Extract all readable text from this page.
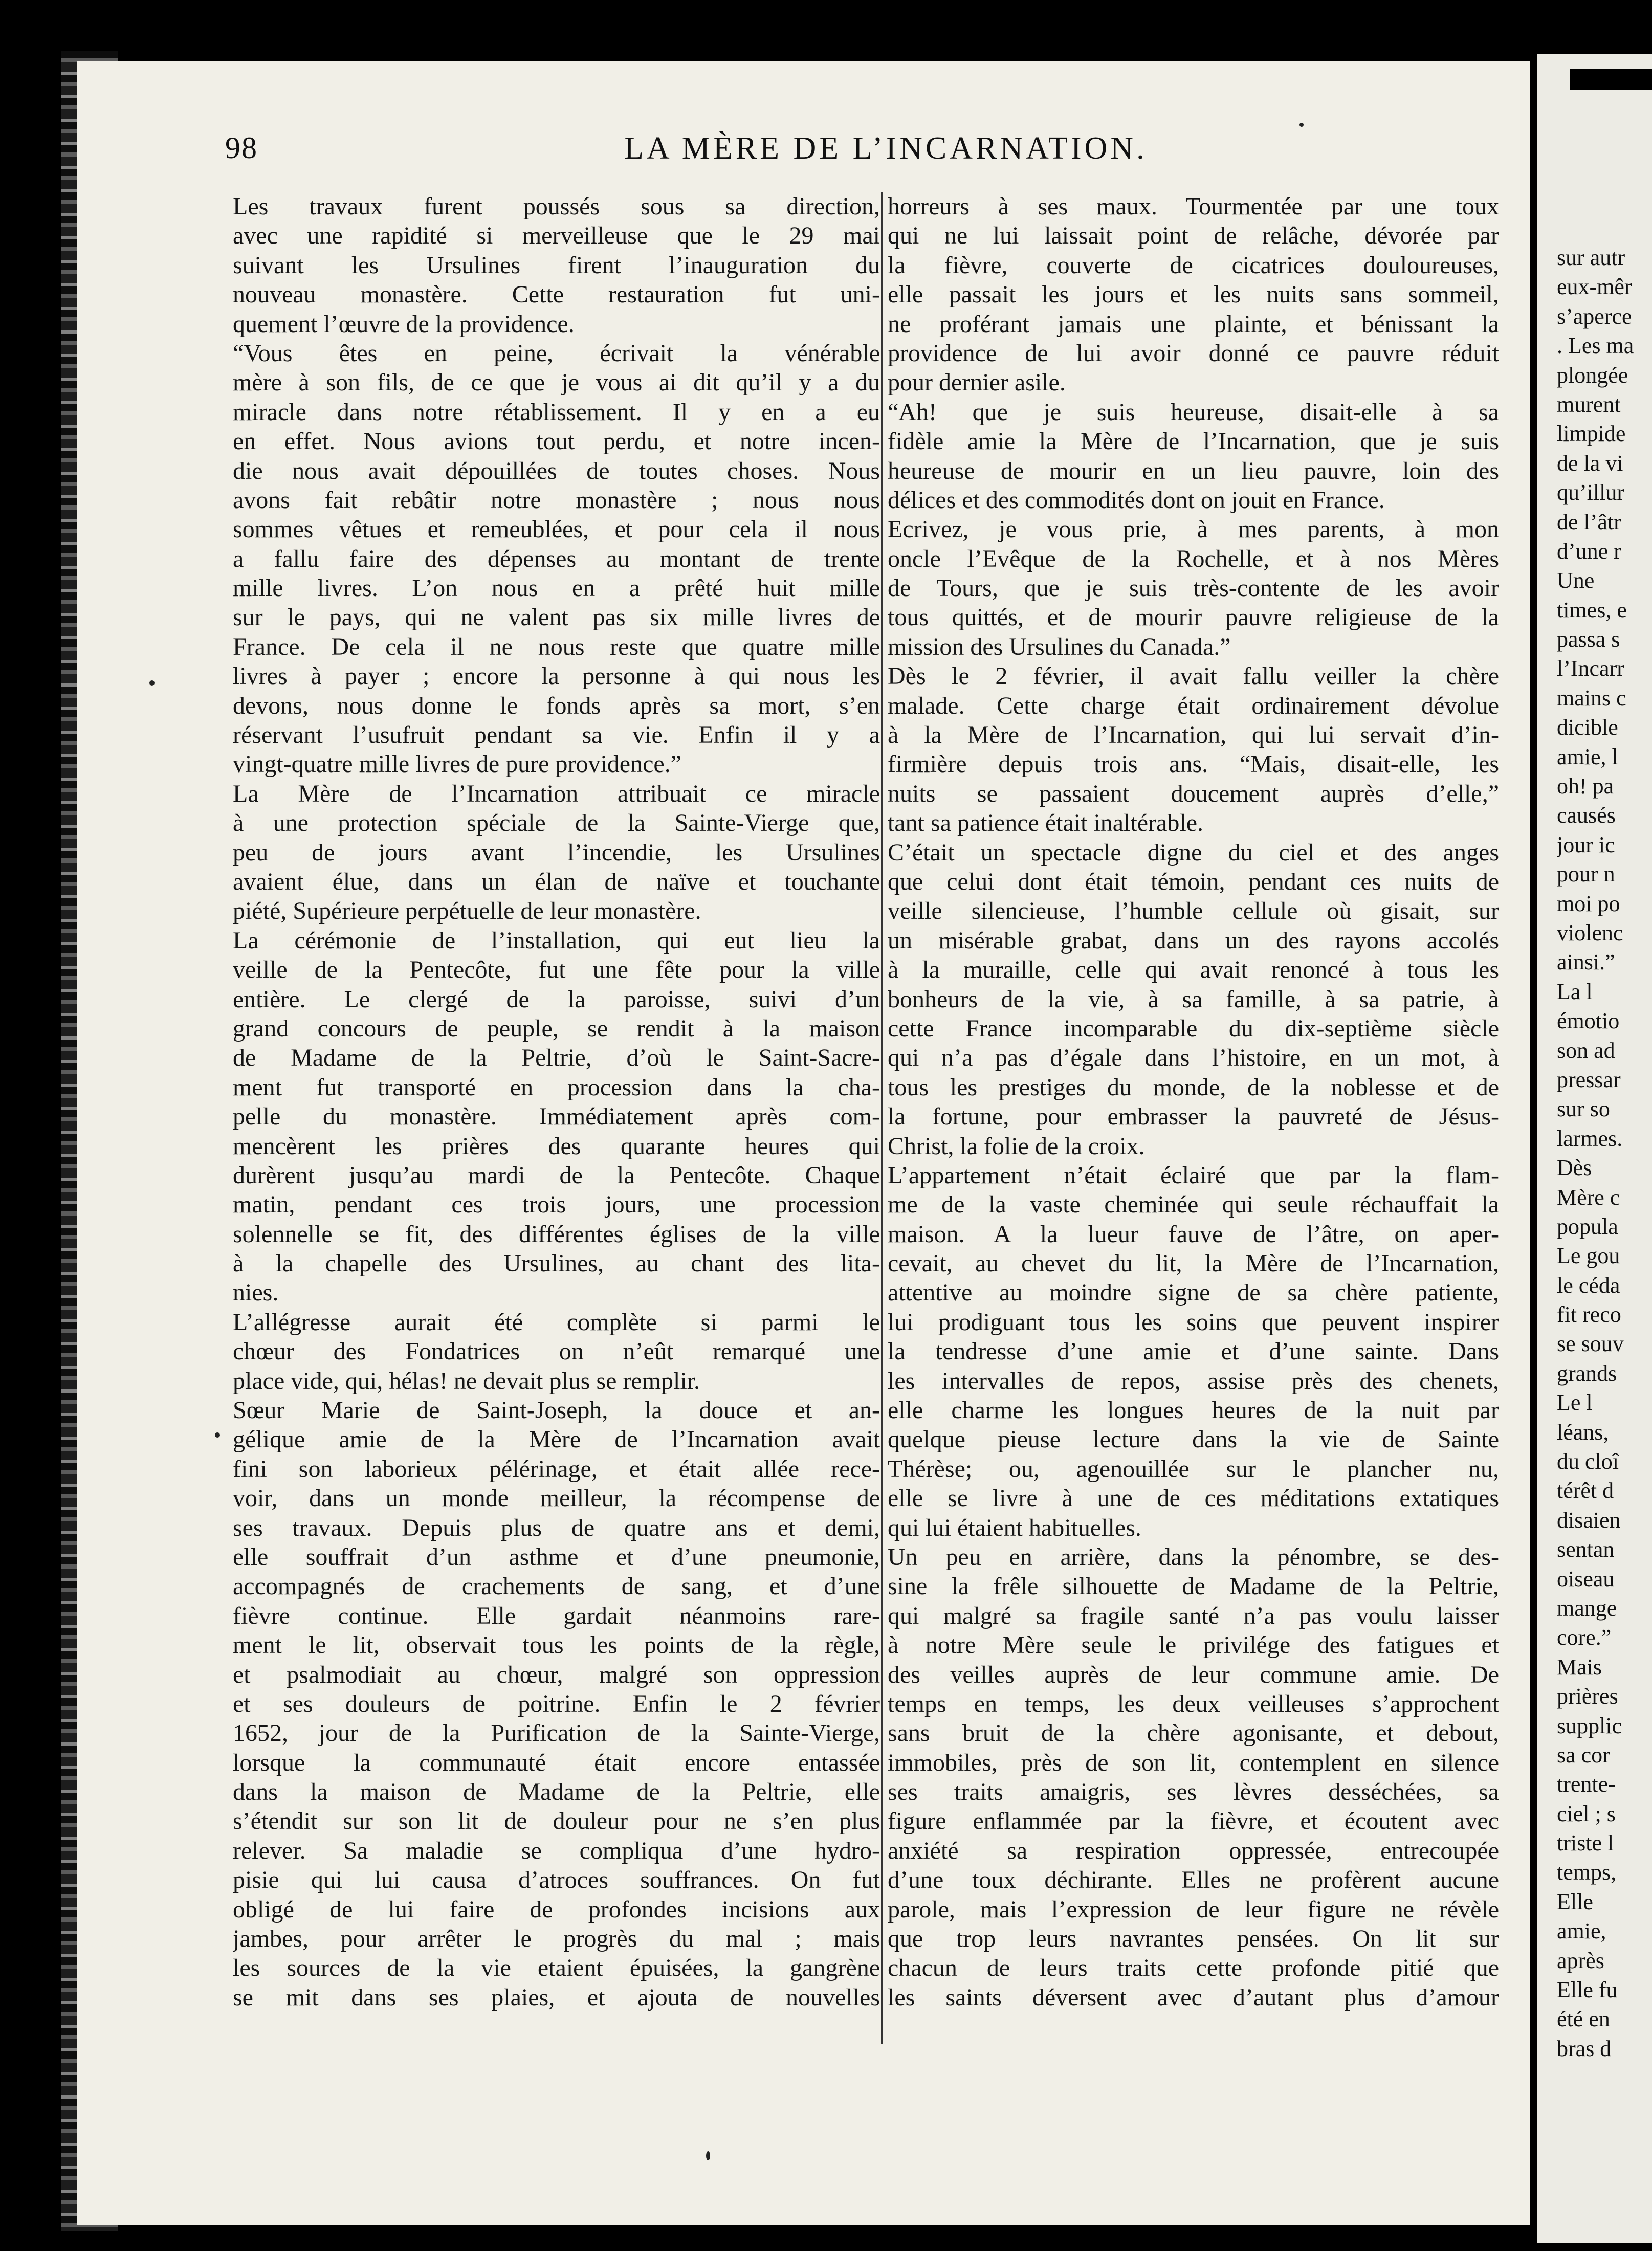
98	LA MÈRE DE L’INCARNATION.
Les travaux furent poussés sous sa direction,
avec une rapidité si merveilleuse que le 29 mai
suivant les Ursulines firent l’inauguration du
nouveau monastère. Cette restauration fut uni-
quement l’œuvre de la providence.
“Vous êtes en peine, écrivait la vénérable
mère à son fils, de ce que je vous ai dit qu’il y a du
miracle dans notre rétablissement. Il y en a eu
en effet. Nous avions tout perdu, et notre incen-
die nous avait dépouillées de toutes choses. Nous
avons fait rebâtir notre monastère ; nous nous
sommes vêtues et remeublées, et pour cela il nous
a fallu faire des dépenses au montant de trente
mille livres. L’on nous en a prêté huit mille
sur le pays, qui ne valent pas six mille livres de
France. De cela il ne nous reste que quatre mille
livres à payer ; encore la personne à qui nous les
devons, nous donne le fonds après sa mort, s’en
réservant l’usufruit pendant sa vie. Enfin il y a
vingt-quatre mille livres de pure providence.”
La Mère de l’Incarnation attribuait ce miracle
à une protection spéciale de la Sainte-Vierge que,
peu de jours avant l’incendie, les Ursulines
avaient élue, dans un élan de naïve et touchante
piété, Supérieure perpétuelle de leur monastère.
La cérémonie de l’installation, qui eut lieu la
veille de la Pentecôte, fut une fête pour la ville
entière. Le clergé de la paroisse, suivi d’un
grand concours de peuple, se rendit à la maison
de Madame de la Peltrie, d’où le Saint-Sacre-
ment fut transporté en procession dans la cha-
pelle du monastère. Immédiatement après com-
mencèrent les prières des quarante heures qui
durèrent jusqu’au mardi de la Pentecôte. Chaque
matin, pendant ces trois jours, une procession
solennelle se fit, des différentes églises de la ville
à la chapelle des Ursulines, au chant des lita-
nies.
L’allégresse aurait été complète si parmi le
chœur des Fondatrices on n’eût remarqué une
place vide, qui, hélas! ne devait plus se remplir.
Sœur Marie de Saint-Joseph, la douce et an-
gélique amie de la Mère de l’Incarnation avait
fini son laborieux pélérinage, et était allée rece-
voir, dans un monde meilleur, la récompense de
ses travaux. Depuis plus de quatre ans et demi,
elle souffrait d’un asthme et d’une pneumonie,
accompagnés de crachements de sang, et d’une
fièvre continue. Elle gardait néanmoins rare-
ment le lit, observait tous les points de la règle,
et psalmodiait au chœur, malgré son oppression
et ses douleurs de poitrine. Enfin le 2 février
1652, jour de la Purification de la Sainte-Vierge,
lorsque la communauté était encore entassée
dans la maison de Madame de la Peltrie, elle
s’étendit sur son lit de douleur pour ne s’en plus
relever. Sa maladie se compliqua d’une hydro-
pisie qui lui causa d’atroces souffrances. On fut
obligé de lui faire de profondes incisions aux
jambes, pour arrêter le progrès du mal ; mais
les sources de la vie etaient épuisées, la gangrène
se mit dans ses plaies, et ajouta de nouvelles
horreurs à ses maux. Tourmentée par une toux
qui ne lui laissait point de relâche, dévorée par
la fièvre, couverte de cicatrices douloureuses,
elle passait les jours et les nuits sans sommeil,
ne proférant jamais une plainte, et bénissant la
providence de lui avoir donné ce pauvre réduit
pour dernier asile.
“Ah! que je suis heureuse, disait-elle à sa
fidèle amie la Mère de l’Incarnation, que je suis
heureuse de mourir en un lieu pauvre, loin des
délices et des commodités dont on jouit en France.
Ecrivez, je vous prie, à mes parents, à mon
oncle l’Evêque de la Rochelle, et à nos Mères
de Tours, que je suis très-contente de les avoir
tous quittés, et de mourir pauvre religieuse de la
mission des Ursulines du Canada.”
Dès le 2 février, il avait fallu veiller la chère
malade. Cette charge était ordinairement dévolue
à la Mère de l’Incarnation, qui lui servait d’in-
firmière depuis trois ans. “Mais, disait-elle, les
nuits se passaient doucement auprès d’elle,”
tant sa patience était inaltérable.
C’était un spectacle digne du ciel et des anges
que celui dont était témoin, pendant ces nuits de
veille silencieuse, l’humble cellule où gisait, sur
un misérable grabat, dans un des rayons accolés
à la muraille, celle qui avait renoncé à tous les
bonheurs de la vie, à sa famille, à sa patrie, à
cette France incomparable du dix-septième siècle
qui n’a pas d’égale dans l’histoire, en un mot, à
tous les prestiges du monde, de la noblesse et de
la fortune, pour embrasser la pauvreté de Jésus-
Christ, la folie de la croix.
L’appartement n’était éclairé que par la flam-
me de la vaste cheminée qui seule réchauffait la
maison. A la lueur fauve de l’âtre, on aper-
cevait, au chevet du lit, la Mère de l’Incarnation,
attentive au moindre signe de sa chère patiente,
lui prodiguant tous les soins que peuvent inspirer
la tendresse d’une amie et d’une sainte. Dans
les intervalles de repos, assise près des chenets,
elle charme les longues heures de la nuit par
quelque pieuse lecture dans la vie de Sainte
Thérèse; ou, agenouillée sur le plancher nu,
elle se livre à une de ces méditations extatiques
qui lui étaient habituelles.
Un peu en arrière, dans la pénombre, se des-
sine la frêle silhouette de Madame de la Peltrie,
qui malgré sa fragile santé n’a pas voulu laisser
à notre Mère seule le privilége des fatigues et
des veilles auprès de leur commune amie. De
temps en temps, les deux veilleuses s’approchent
sans bruit de la chère agonisante, et debout,
immobiles, près de son lit, contemplent en silence
ses traits amaigris, ses lèvres desséchées, sa
figure enflammée par la fièvre, et écoutent avec
anxiété sa respiration oppressée, entrecoupée
d’une toux déchirante. Elles ne profèrent aucune
parole, mais l’expression de leur figure ne révèle
que trop leurs navrantes pensées. On lit sur
chacun de leurs traits cette profonde pitié que
les saints déversent avec d’autant plus d’amour
sur autr
eux-mêr
s’aperce
. Les ma
plongée
murent
limpide
de la vi
qu’illur
de l’âtr
d’une r
Une
times, e
passa s
l’Incarr
mains c
dicible
amie, l
oh! pa
causés
jour ic
pour n
moi po
violenc
ainsi.”
La l
émotio
son ad
pressar
sur so
larmes.
Dès
Mère c
popula
Le gou
le céda
fit reco
se souv
grands
Le l
léans,
du cloî
térêt d
disaien
sentan
oiseau
mange
core.”
Mais
prières
supplic
sa cor
trente-
ciel ; s
triste l
temps,
Elle
amie,
après
Elle fu
été en
bras d
